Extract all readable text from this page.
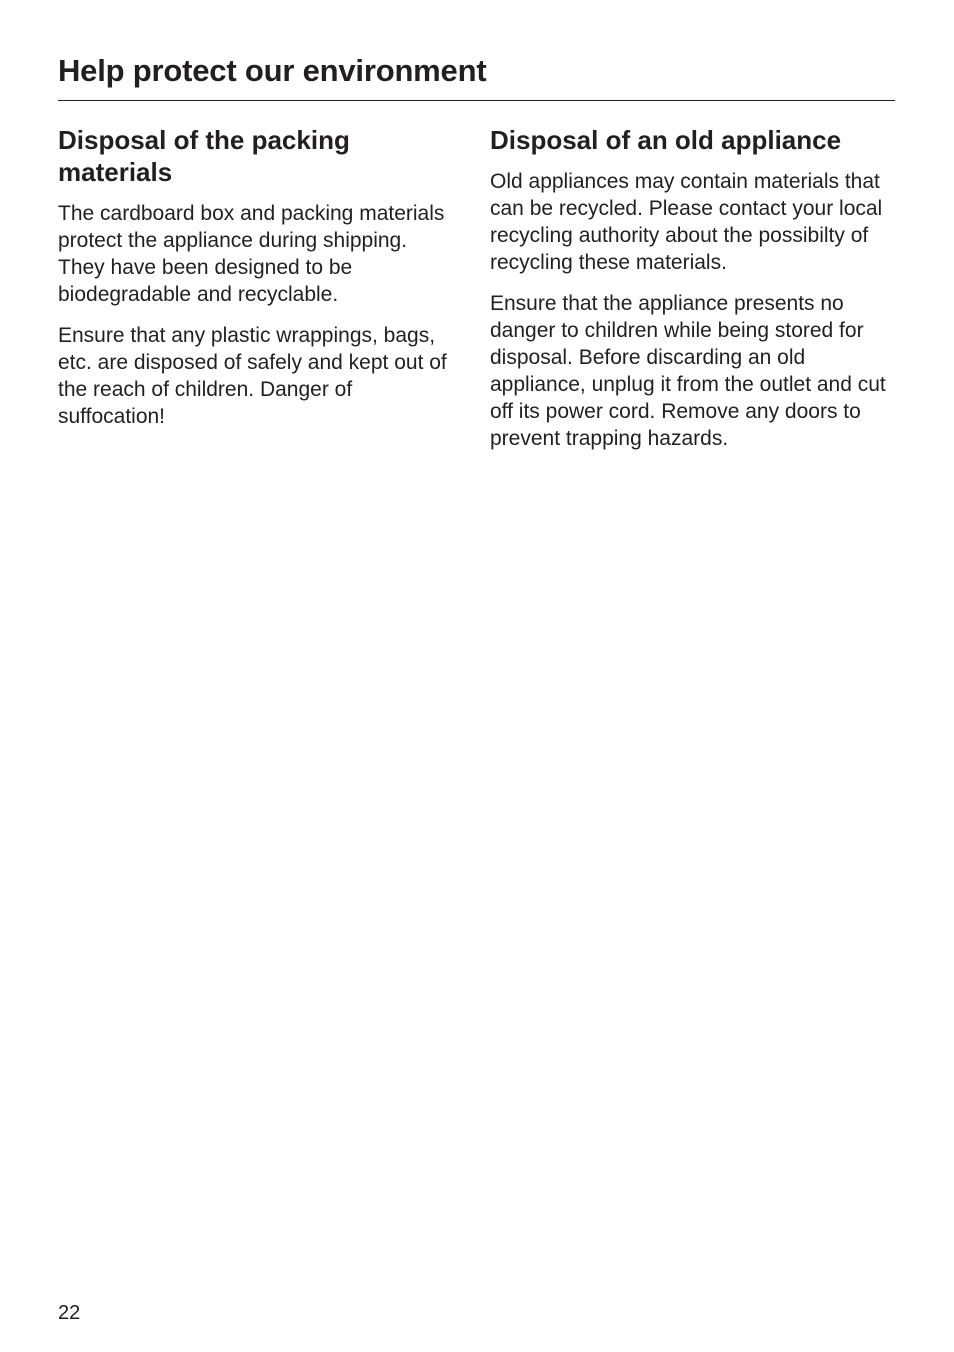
Help protect our environment
Disposal of the packing materials

The cardboard box and packing materials protect the appliance during shipping. They have been designed to be biodegradable and recyclable.

Ensure that any plastic wrappings, bags, etc. are disposed of safely and kept out of the reach of children. Danger of suffocation!

Disposal of an old appliance

Old appliances may contain materials that can be recycled. Please contact your local recycling authority about the possibilty of recycling these materials.

Ensure that the appliance presents no danger to children while being stored for disposal. Before discarding an old appliance, unplug it from the outlet and cut off its power cord. Remove any doors to prevent trapping hazards.

22
